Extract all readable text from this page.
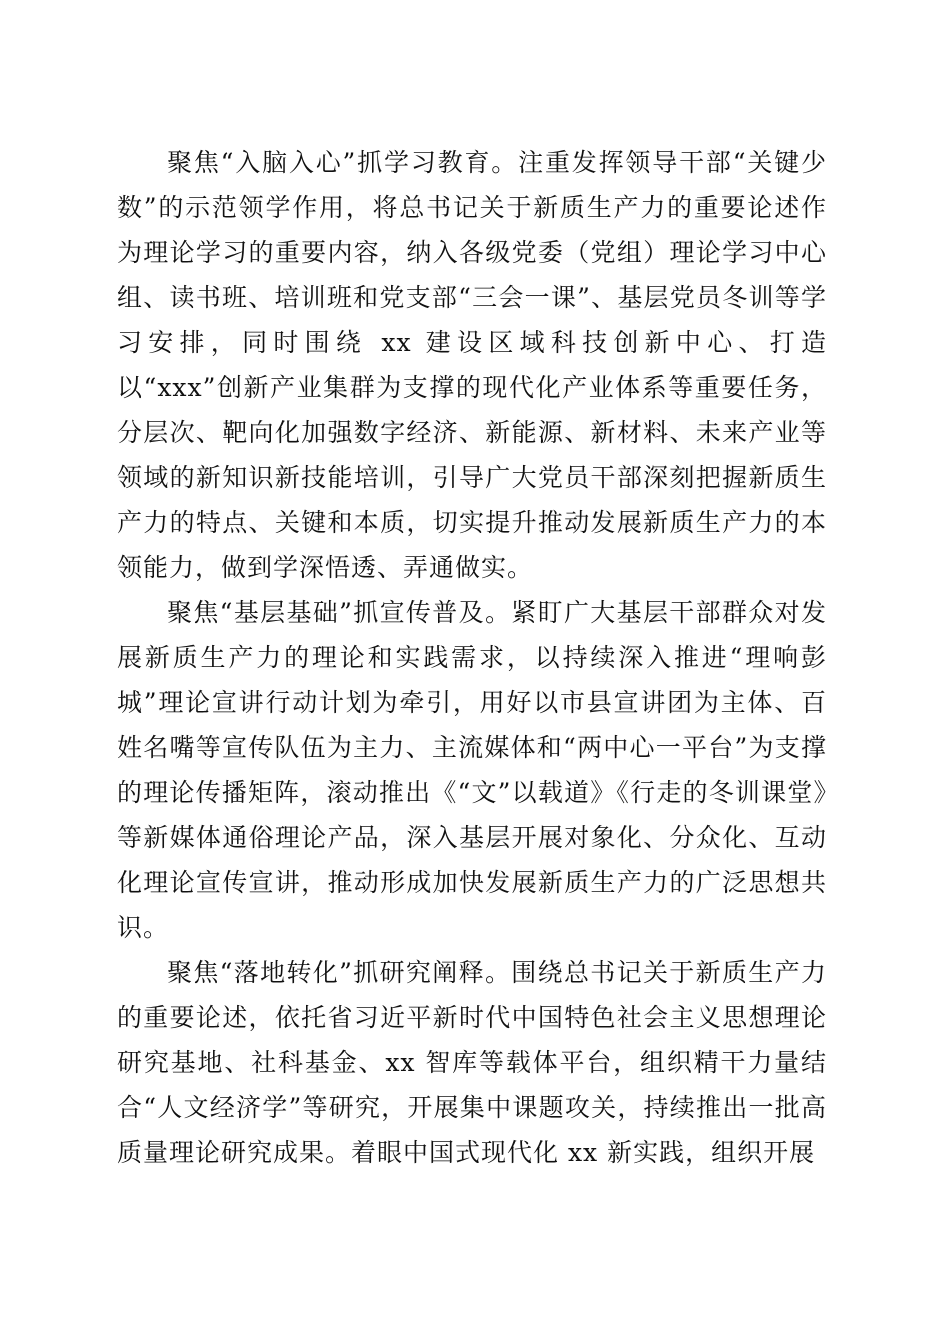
聚焦“入脑入心”抓学习教育。注重发挥领导干部“关键少数”的示范领学作用，将总书记关于新质生产力的重要论述作为理论学习的重要内容，纳入各级党委（党组）理论学习中心组、读书班、培训班和党支部“三会一课”、基层党员冬训等学习安排，同时围绕 xx 建设区域科技创新中心、打造以“xxx”创新产业集群为支撑的现代化产业体系等重要任务，分层次、靶向化加强数字经济、新能源、新材料、未来产业等领域的新知识新技能培训，引导广大党员干部深刻把握新质生产力的特点、关键和本质，切实提升推动发展新质生产力的本领能力，做到学深悟透、弄通做实。

聚焦“基层基础”抓宣传普及。紧盯广大基层干部群众对发展新质生产力的理论和实践需求，以持续深入推进“理响彭城”理论宣讲行动计划为牵引，用好以市县宣讲团为主体、百姓名嘴等宣传队伍为主力、主流媒体和“两中心一平台”为支撑的理论传播矩阵，滚动推出《“文”以载道》《行走的冬训课堂》等新媒体通俗理论产品，深入基层开展对象化、分众化、互动化理论宣传宣讲，推动形成加快发展新质生产力的广泛思想共识。

聚焦“落地转化”抓研究阐释。围绕总书记关于新质生产力的重要论述，依托省习近平新时代中国特色社会主义思想理论研究基地、社科基金、xx 智库等载体平台，组织精干力量结合“人文经济学”等研究，开展集中课题攻关，持续推出一批高质量理论研究成果。着眼中国式现代化 xx 新实践，组织开展
